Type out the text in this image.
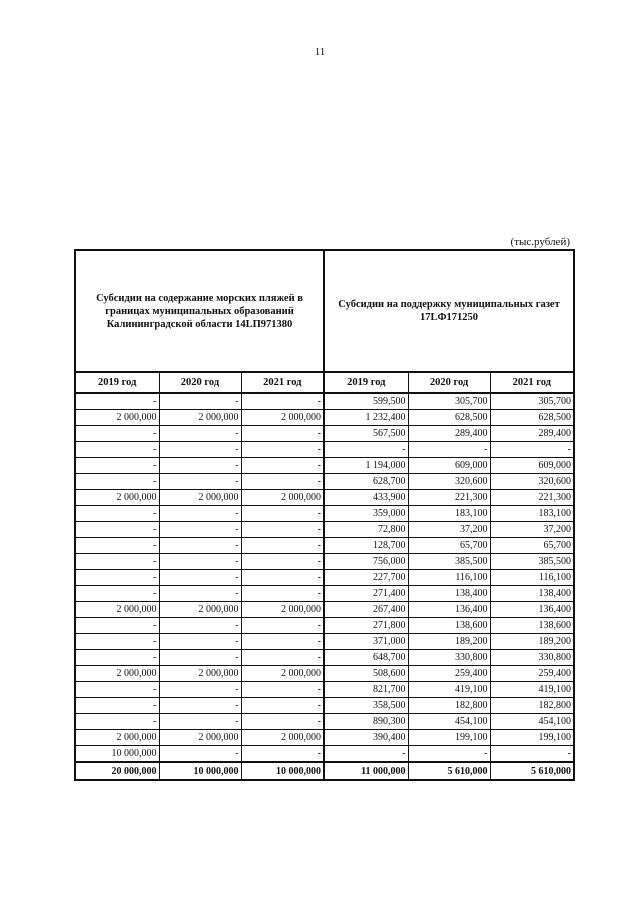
11
(тыс.рублей)
Субсидии на содержание морских пляжей в границах муниципальных образований Калининградской области 14LП971380			Субсидии на поддержку муниципальных газет 17LФ171250		
2019 год	2020 год	2021 год	2019 год	2020 год	2021 год
-	-	-	599,500	305,700	305,700
2 000,000	2 000,000	2 000,000	1 232,400	628,500	628,500
-	-	-	567,500	289,400	289,400
-	-	-	-	-	-
-	-	-	1 194,000	609,000	609,000
-	-	-	628,700	320,600	320,600
2 000,000	2 000,000	2 000,000	433,900	221,300	221,300
-	-	-	359,000	183,100	183,100
-	-	-	72,800	37,200	37,200
-	-	-	128,700	65,700	65,700
-	-	-	756,000	385,500	385,500
-	-	-	227,700	116,100	116,100
-	-	-	271,400	138,400	138,400
2 000,000	2 000,000	2 000,000	267,400	136,400	136,400
-	-	-	271,800	138,600	138,600
-	-	-	371,000	189,200	189,200
-	-	-	648,700	330,800	330,800
2 000,000	2 000,000	2 000,000	508,600	259,400	259,400
-	-	-	821,700	419,100	419,100
-	-	-	358,500	182,800	182,800
-	-	-	890,300	454,100	454,100
2 000,000	2 000,000	2 000,000	390,400	199,100	199,100
10 000,000	-	-	-	-	-
20 000,000	10 000,000	10 000,000	11 000,000	5 610,000	5 610,000
